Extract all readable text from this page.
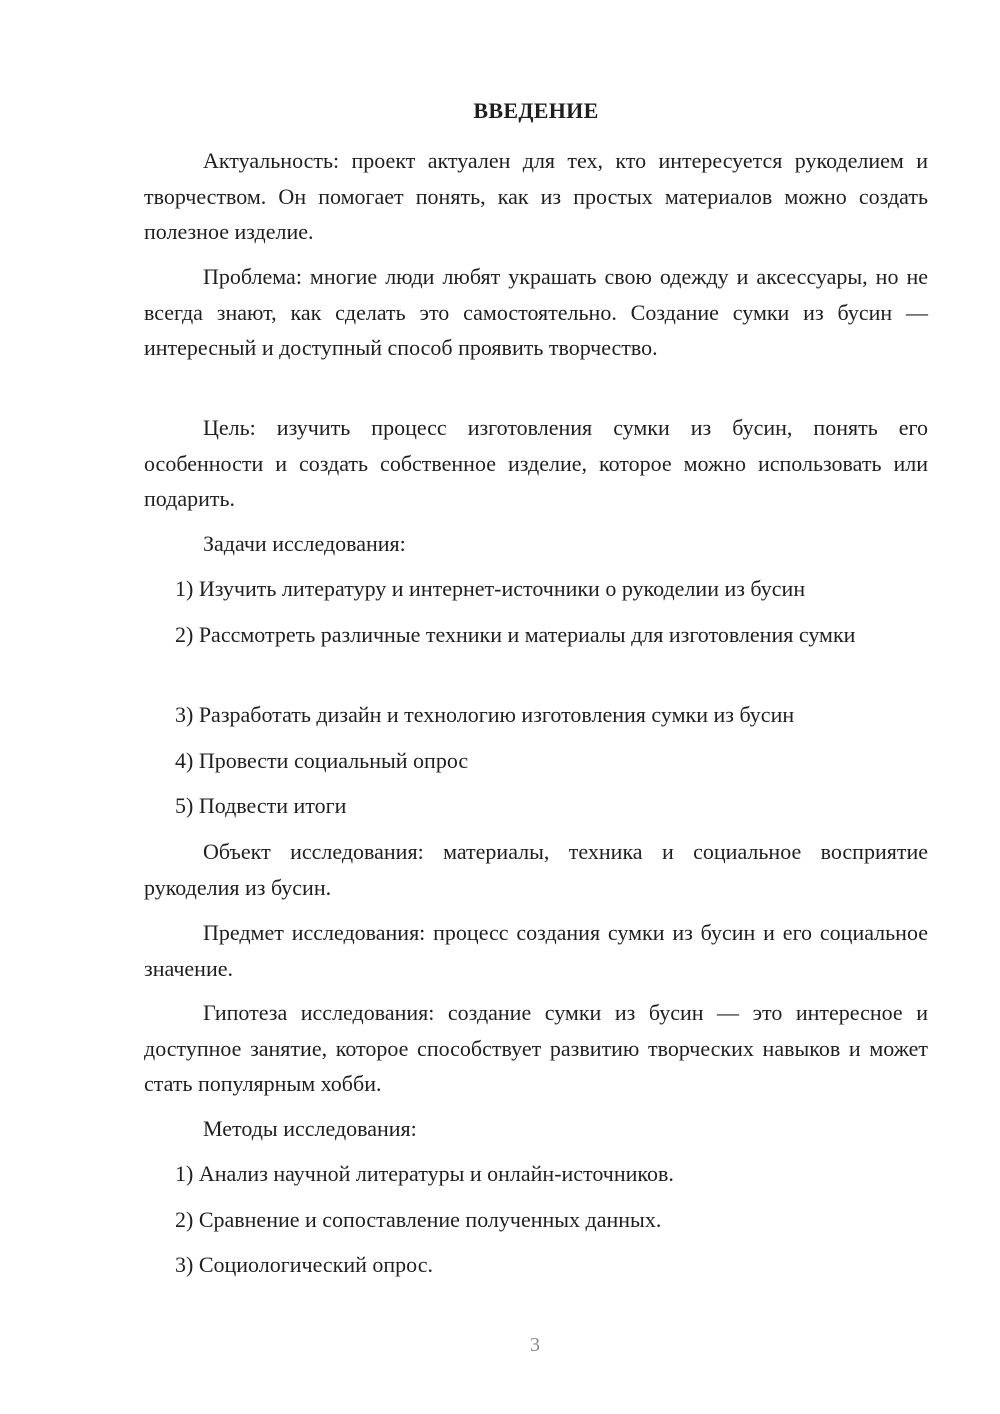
ВВЕДЕНИЕ

Актуальность: проект актуален для тех, кто интересуется рукоделием и творчеством. Он помогает понять, как из простых материалов можно создать полезное изделие.

Проблема: многие люди любят украшать свою одежду и аксессуары, но не всегда знают, как сделать это самостоятельно. Создание сумки из бусин — интересный и доступный способ проявить творчество.

Цель: изучить процесс изготовления сумки из бусин, понять его особенности и создать собственное изделие, которое можно использовать или подарить.

Задачи исследования:

1) Изучить литературу и интернет-источники о рукоделии из бусин

2) Рассмотреть различные техники и материалы для изготовления сумки

3) Разработать дизайн и технологию изготовления сумки из бусин

4) Провести социальный опрос

5) Подвести итоги

Объект исследования: материалы, техника и социальное восприятие рукоделия из бусин.

Предмет исследования: процесс создания сумки из бусин и его социальное значение.

Гипотеза исследования: создание сумки из бусин — это интересное и доступное занятие, которое способствует развитию творческих навыков и может стать популярным хобби.

Методы исследования:

1) Анализ научной литературы и онлайн-источников.

2) Сравнение и сопоставление полученных данных.

3) Социологический опрос.

3
